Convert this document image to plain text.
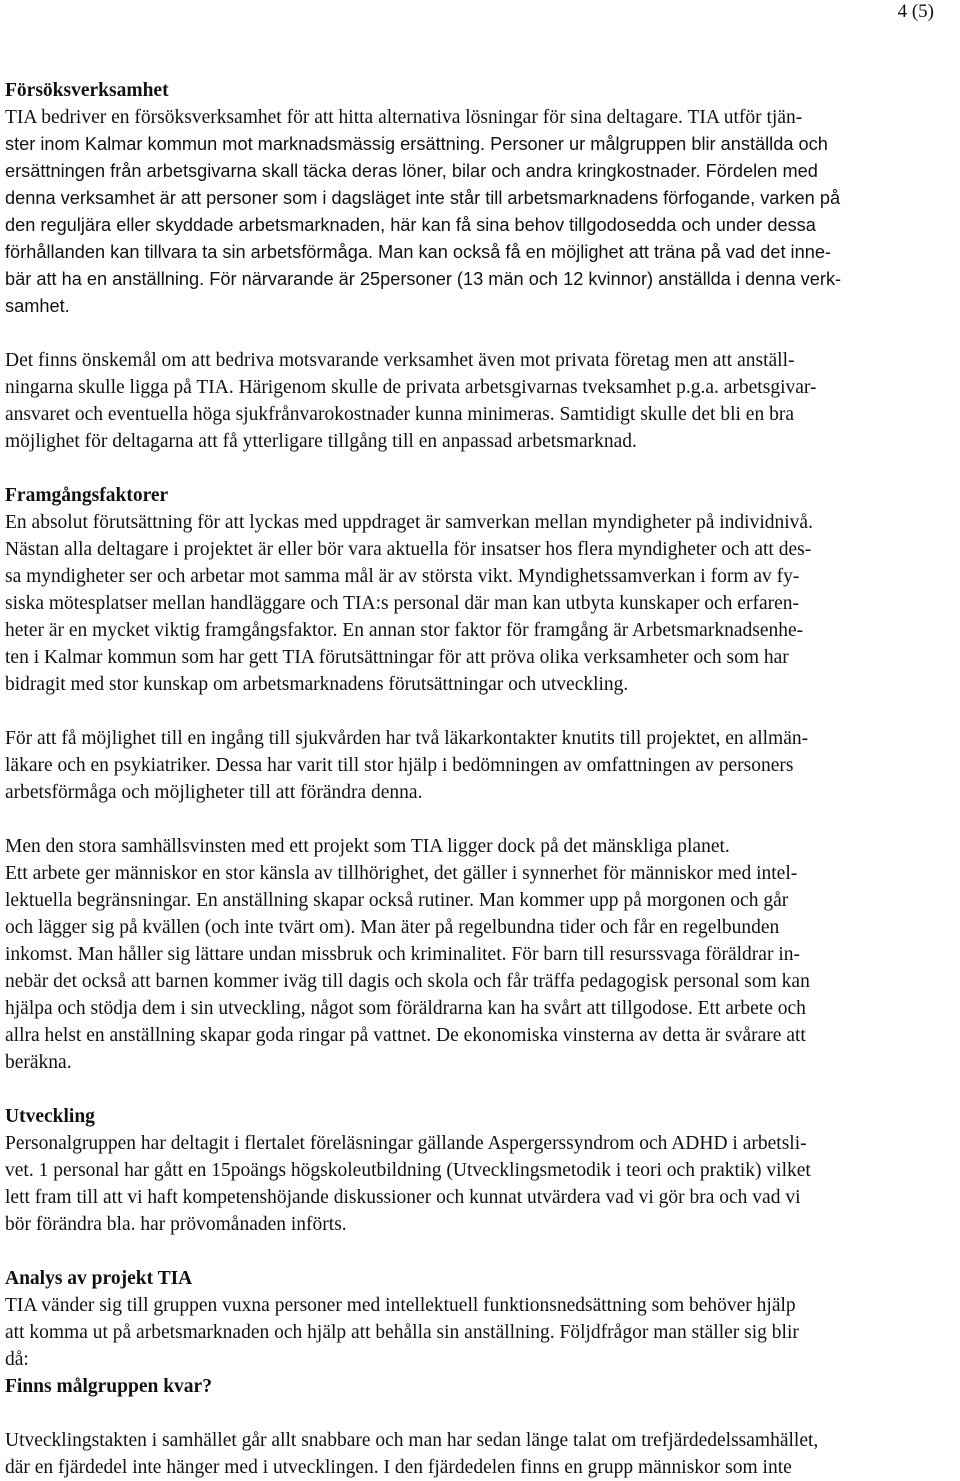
4 (5)
Försöksverksamhet
TIA bedriver en försöksverksamhet för att hitta alternativa lösningar för sina deltagare. TIA utför tjän-
ster inom Kalmar kommun mot marknadsmässig ersättning. Personer ur målgruppen blir anställda och
ersättningen från arbetsgivarna skall täcka deras löner, bilar och andra kringkostnader. Fördelen med
denna verksamhet är att personer som i dagsläget inte står till arbetsmarknadens förfogande, varken på
den reguljära eller skyddade arbetsmarknaden, här kan få sina behov tillgodosedda och under dessa
förhållanden kan tillvara ta sin arbetsförmåga. Man kan också få en möjlighet att träna på vad det inne-
bär att ha en anställning. För närvarande är 25personer (13 män och 12 kvinnor) anställda i denna verk-
samhet.
Det finns önskemål om att bedriva motsvarande verksamhet även mot privata företag men att anställ-
ningarna skulle ligga på TIA. Härigenom skulle de privata arbetsgivarnas tveksamhet p.g.a. arbetsgivar-
ansvaret och eventuella höga sjukfrånvarokostnader kunna minimeras. Samtidigt skulle det bli en bra
möjlighet för deltagarna att få ytterligare tillgång till en anpassad arbetsmarknad.
Framgångsfaktorer
En absolut förutsättning för att lyckas med uppdraget är samverkan mellan myndigheter på individnivå.
Nästan alla deltagare i projektet är eller bör vara aktuella för insatser hos flera myndigheter och att des-
sa myndigheter ser och arbetar mot samma mål är av största vikt. Myndighetssamverkan i form av fy-
siska mötesplatser mellan handläggare och TIA:s personal där man kan utbyta kunskaper och erfaren-
heter är en mycket viktig framgångsfaktor. En annan stor faktor för framgång är Arbetsmarknadsenhe-
ten i Kalmar kommun som har gett TIA förutsättningar för att pröva olika verksamheter och som har
bidragit med stor kunskap om arbetsmarknadens förutsättningar och utveckling.
För att få möjlighet till en ingång till sjukvården har två läkarkontakter knutits till projektet, en allmän-
läkare och en psykiatriker. Dessa har varit till stor hjälp i bedömningen av omfattningen av personers
arbetsförmåga och möjligheter till att förändra denna.
Men den stora samhällsvinsten med ett projekt som TIA ligger dock på det mänskliga planet.
Ett arbete ger människor en stor känsla av tillhörighet, det gäller i synnerhet för människor med intel-
lektuella begränsningar. En anställning skapar också rutiner. Man kommer upp på morgonen och går
och lägger sig på kvällen (och inte tvärt om). Man äter på regelbundna tider och får en regelbunden
inkomst. Man håller sig lättare undan missbruk och kriminalitet. För barn till resurssvaga föräldrar in-
nebär det också att barnen kommer iväg till dagis och skola och får träffa pedagogisk personal som kan
hjälpa och stödja dem i sin utveckling, något som föräldrarna kan ha svårt att tillgodose. Ett arbete och
allra helst en anställning skapar goda ringar på vattnet. De ekonomiska vinsterna av detta är svårare att
beräkna.
Utveckling
Personalgruppen har deltagit i flertalet föreläsningar gällande Aspergerssyndrom och ADHD i arbetsli-
vet. 1 personal har gått en 15poängs högskoleutbildning (Utvecklingsmetodik i teori och praktik) vilket
lett fram till att vi haft kompetenshöjande diskussioner och kunnat utvärdera vad vi gör bra och vad vi
bör förändra bla. har prövomånaden införts.
Analys av projekt TIA
TIA vänder sig till gruppen vuxna personer med intellektuell funktionsnedsättning som behöver hjälp
att komma ut på arbetsmarknaden och hjälp att behålla sin anställning. Följdfrågor man ställer sig blir
då:
Finns målgruppen kvar?
Utvecklingstakten i samhället går allt snabbare och man har sedan länge talat om trefjärdedelssamhället,
där en fjärdedel inte hänger med i utvecklingen. I den fjärdedelen finns en grupp människor som inte
